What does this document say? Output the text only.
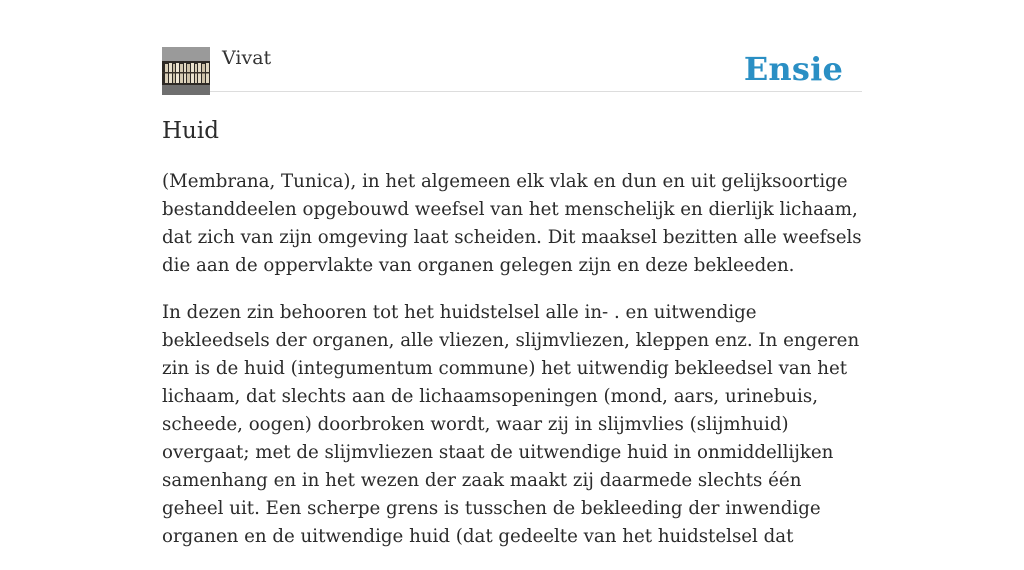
Vivat	Ensie
Huid

(Membrana, Tunica), in het algemeen elk vlak en dun en uit gelijksoortige bestanddeelen opgebouwd weefsel van het menschelijk en dierlijk lichaam, dat zich van zijn omgeving laat scheiden. Dit maaksel bezitten alle weefsels die aan de oppervlakte van organen gelegen zijn en deze bekleeden.

In dezen zin behooren tot het huidstelsel alle in- . en uitwendige bekleedsels der organen, alle vliezen, slijmvliezen, kleppen enz. In engeren zin is de huid (integumentum commune) het uitwendig bekleedsel van het lichaam, dat slechts aan de lichaamsopeningen (mond, aars, urinebuis, scheede, oogen) doorbroken wordt, waar zij in slijmvlies (slijmhuid) overgaat; met de slijmvliezen staat de uitwendige huid in onmiddellijken samenhang en in het wezen der zaak maakt zij daarmede slechts één geheel uit. Een scherpe grens is tusschen de bekleeding der inwendige organen en de uitwendige huid (dat gedeelte van het huidstelsel dat
